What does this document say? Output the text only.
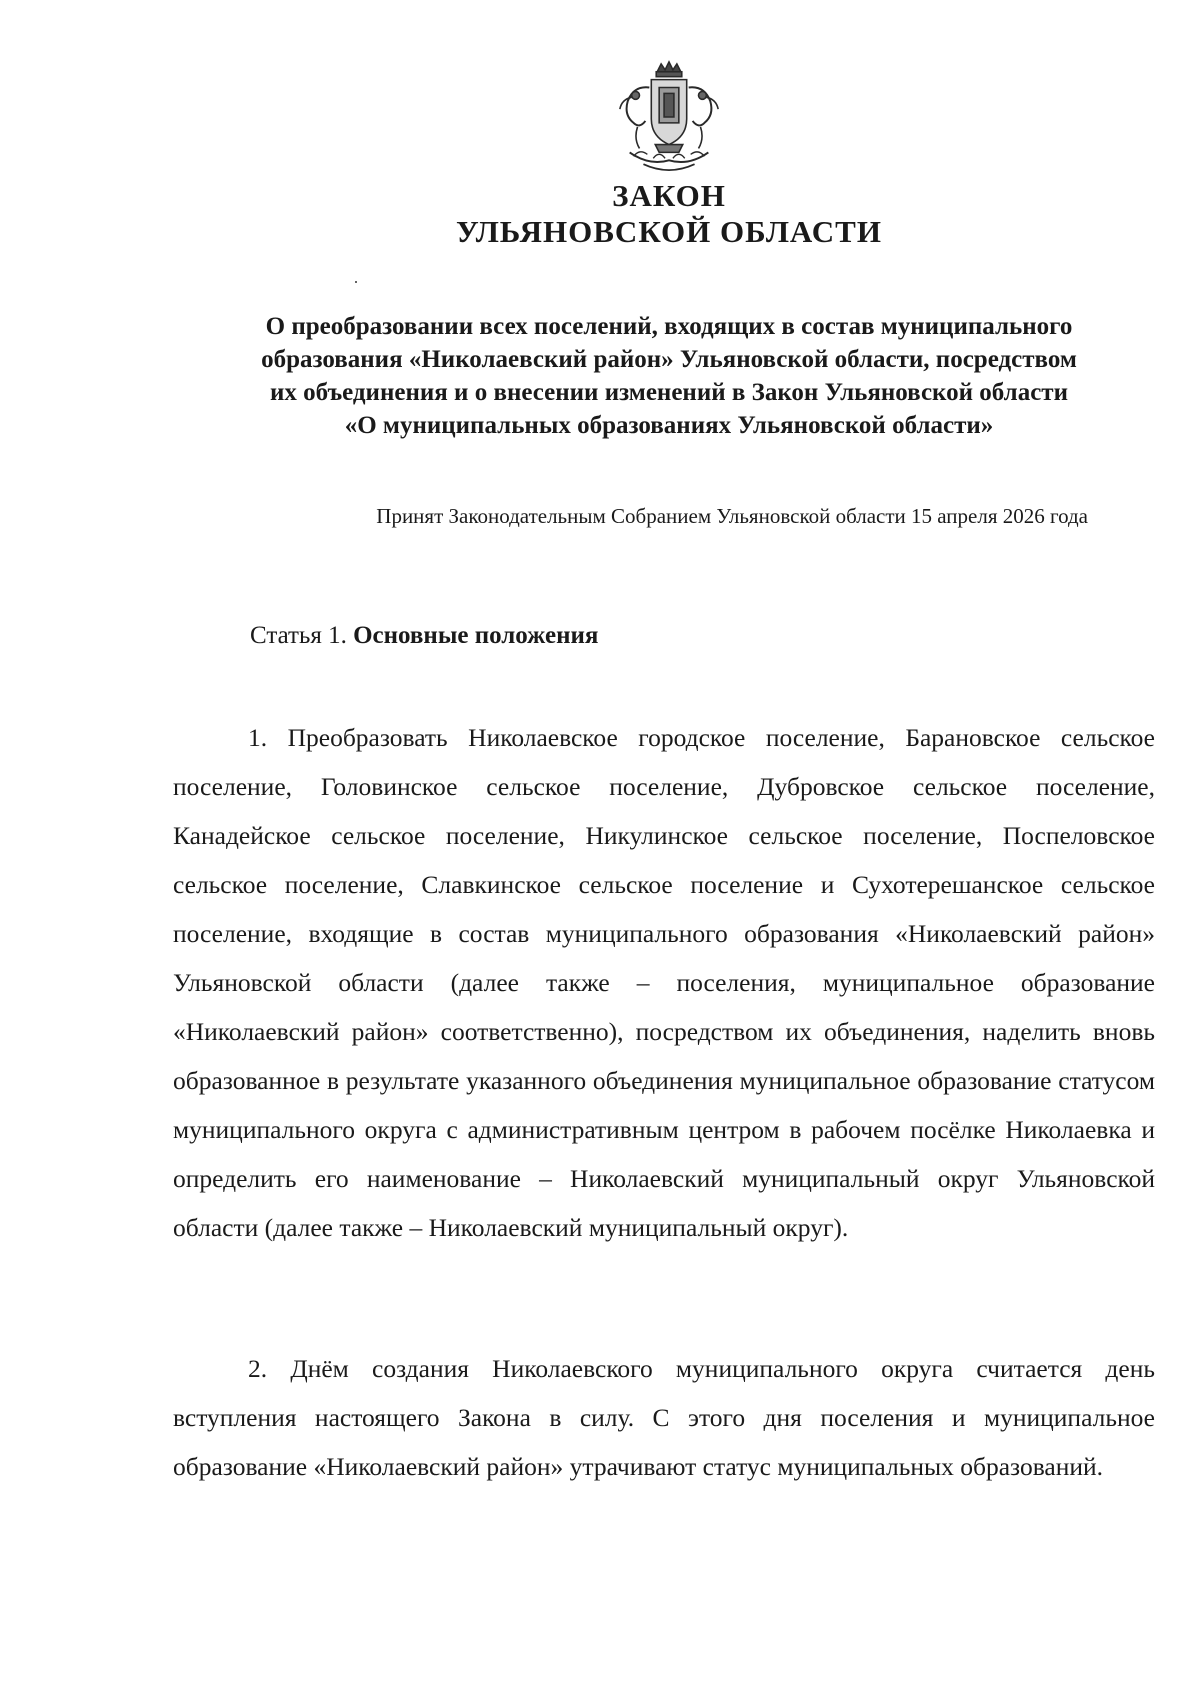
ЗАКОН

УЛЬЯНОВСКОЙ ОБЛАСТИ

О преобразовании всех поселений, входящих в состав муниципального
образования «Николаевский район» Ульяновской области, посредством
их объединения и о внесении изменений в Закон Ульяновской области
«О муниципальных образованиях Ульяновской области»

Принят Законодательным Собранием Ульяновской области 15 апреля 2026 года

Статья 1. Основные положения

1. Преобразовать Николаевское городское поселение, Барановское сельское поселение, Головинское сельское поселение, Дубровское сельское поселение, Канадейское сельское поселение, Никулинское сельское поселение, Поспеловское сельское поселение, Славкинское сельское поселение и Сухотерешанское сельское поселение, входящие в состав муниципального образования «Николаевский район» Ульяновской области (далее также – поселения, муниципальное образование «Николаевский район» соответственно), посредством их объединения, наделить вновь образованное в результате указанного объединения муниципальное образование статусом муниципального округа с административным центром в рабочем посёлке Николаевка и определить его наименование – Николаевский муниципальный округ Ульяновской области (далее также – Николаевский муниципальный округ).

2. Днём создания Николаевского муниципального округа считается день вступления настоящего Закона в силу. С этого дня поселения и муниципальное образование «Николаевский район» утрачивают статус муниципальных образований.
